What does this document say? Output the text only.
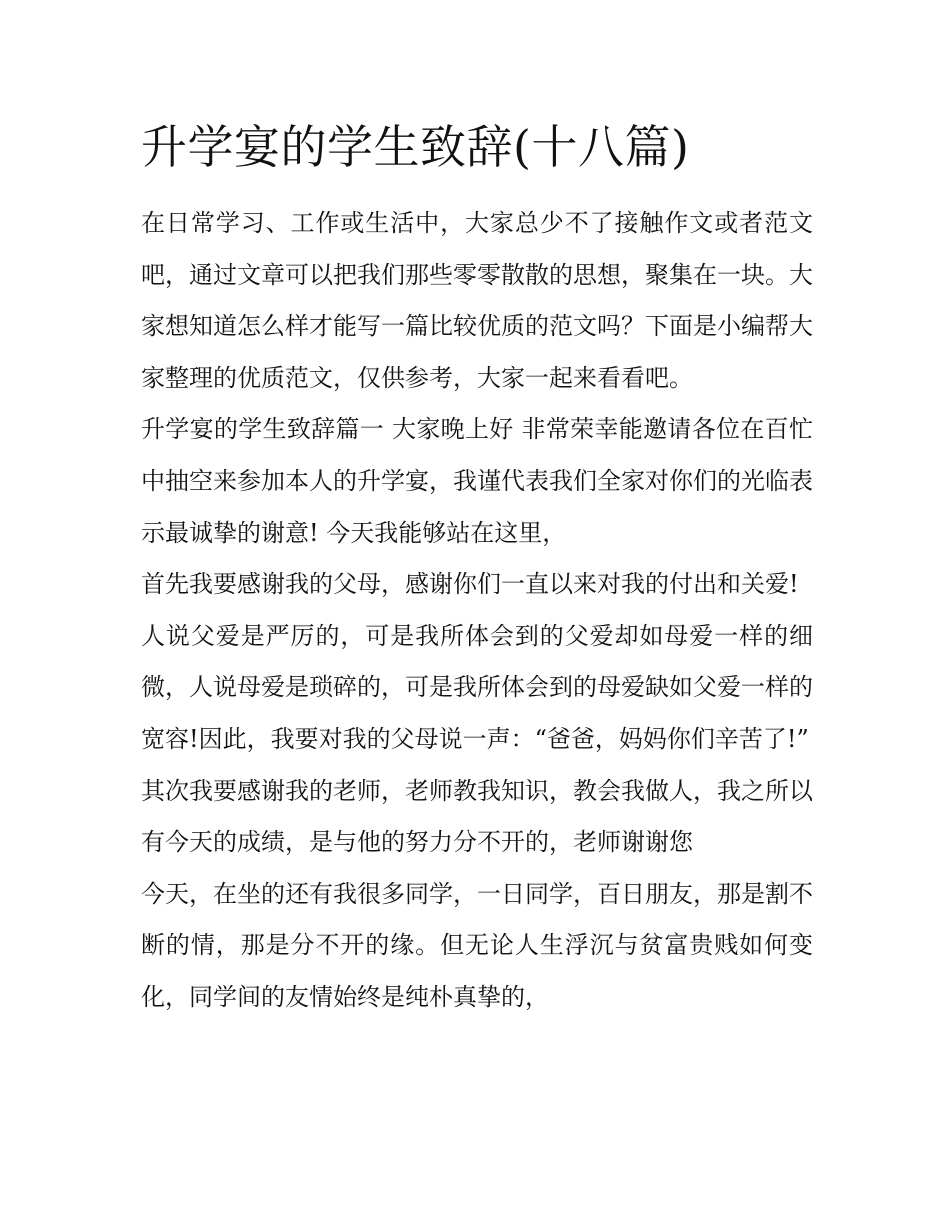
升学宴的学生致辞(十八篇)

在日常学习、工作或生活中，大家总少不了接触作文或者范文吧，通过文章可以把我们那些零零散散的思想，聚集在一块。大家想知道怎么样才能写一篇比较优质的范文吗？下面是小编帮大家整理的优质范文，仅供参考，大家一起来看看吧。

升学宴的学生致辞篇一 大家晚上好 非常荣幸能邀请各位在百忙中抽空来参加本人的升学宴，我谨代表我们全家对你们的光临表示最诚挚的谢意! 今天我能够站在这里，

首先我要感谢我的父母，感谢你们一直以来对我的付出和关爱!

人说父爱是严厉的，可是我所体会到的父爱却如母爱一样的细微，人说母爱是琐碎的，可是我所体会到的母爱缺如父爱一样的宽容!因此，我要对我的父母说一声：“爸爸，妈妈你们辛苦了!”

其次我要感谢我的老师，老师教我知识，教会我做人，我之所以有今天的成绩，是与他的努力分不开的，老师谢谢您

今天，在坐的还有我很多同学，一日同学，百日朋友，那是割不断的情，那是分不开的缘。但无论人生浮沉与贫富贵贱如何变化，同学间的友情始终是纯朴真挚的，
